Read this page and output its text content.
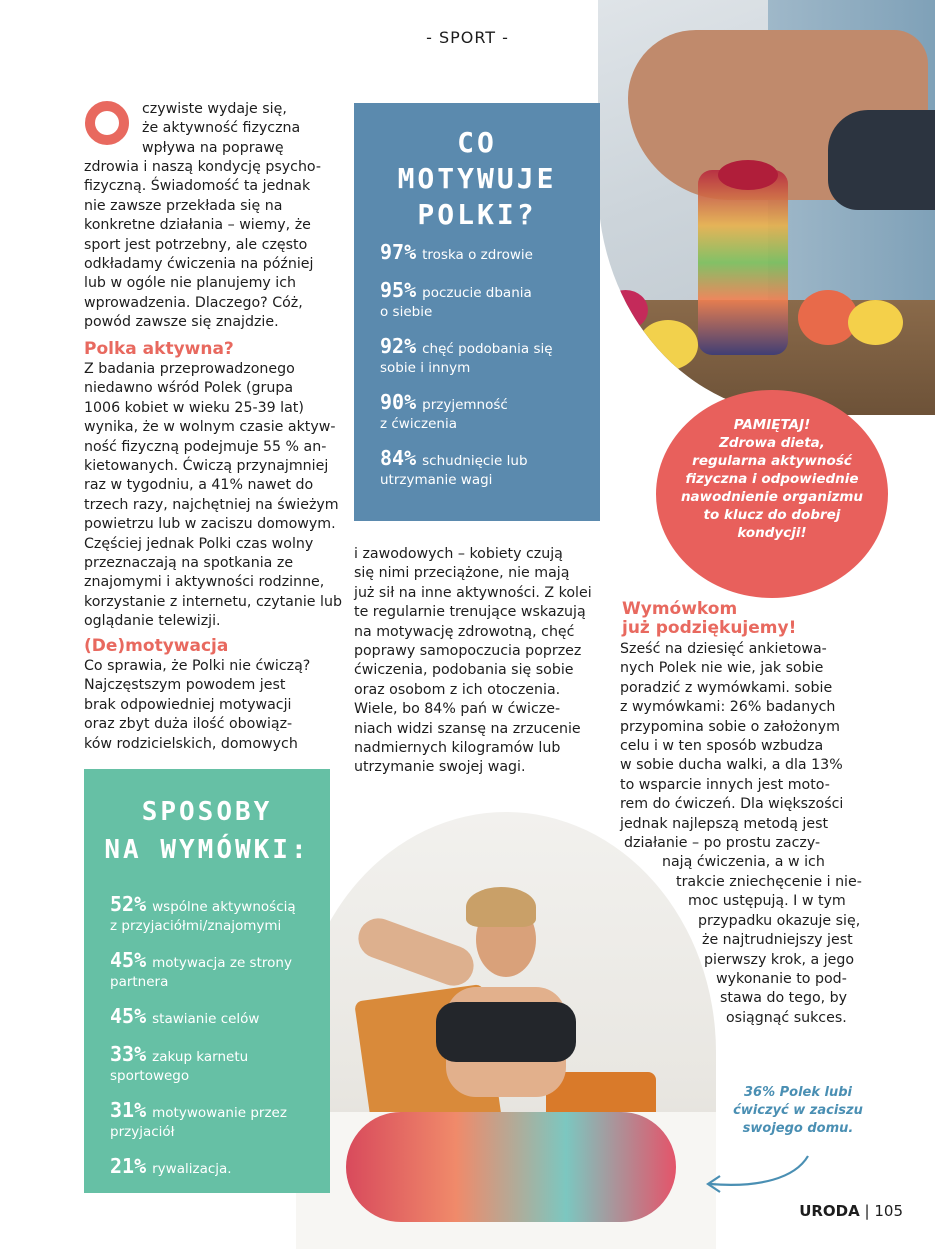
- SPORT -
czywiste wydaje się,
że aktywność fizyczna
wpływa na poprawę
zdrowia i naszą kondycję psycho-
fizyczną. Świadomość ta jednak
nie zawsze przekłada się na
konkretne działania – wiemy, że
sport jest potrzebny, ale często
odkładamy ćwiczenia na później
lub w ogóle nie planujemy ich
wprowadzenia. Dlaczego? Cóż,
powód zawsze się znajdzie.
Polka aktywna?
Z badania przeprowadzonego
niedawno wśród Polek (grupa
1006 kobiet w wieku 25-39 lat)
wynika, że w wolnym czasie aktyw-
ność fizyczną podejmuje 55 % an-
kietowanych. Ćwiczą przynajmniej
raz w tygodniu, a 41% nawet do
trzech razy, najchętniej na świeżym
powietrzu lub w zaciszu domowym.
Częściej jednak Polki czas wolny
przeznaczają na spotkania ze
znajomymi i aktywności rodzinne,
korzystanie z internetu, czytanie lub
oglądanie telewizji.
(De)motywacja
Co sprawia, że Polki nie ćwiczą?
Najczęstszym powodem jest
brak odpowiedniej motywacji
oraz zbyt duża ilość obowiąz-
ków rodzicielskich, domowych
CO
MOTYWUJE
POLKI?
97% troska o zdrowie
95% poczucie dbania
o siebie
92% chęć podobania się
sobie i innym
90% przyjemność
z ćwiczenia
84% schudnięcie lub
utrzymanie wagi
i zawodowych – kobiety czują
się nimi przeciążone, nie mają
już sił na inne aktywności. Z kolei
te regularnie trenujące wskazują
na motywację zdrowotną, chęć
poprawy samopoczucia poprzez
ćwiczenia, podobania się sobie
oraz osobom z ich otoczenia.
Wiele, bo 84% pań w ćwicze-
niach widzi szansę na zrzucenie
nadmiernych kilogramów lub
utrzymanie swojej wagi.
PAMIĘTAJ!
Zdrowa dieta,
regularna aktywność
fizyczna i odpowiednie
nawodnienie organizmu
to klucz do dobrej
kondycji!
Wymówkom
już podziękujemy!
Sześć na dziesięć ankietowa-
nych Polek nie wie, jak sobie
poradzić z wymówkami. sobie
z wymówkami: 26% badanych
przypomina sobie o założonym
celu i w ten sposób wzbudza
w sobie ducha walki, a dla 13%
to wsparcie innych jest moto-
rem do ćwiczeń. Dla większości
jednak najlepszą metodą jest
działanie – po prostu zaczy-
nają ćwiczenia, a w ich
trakcie zniechęcenie i nie-
moc ustępują. I w tym
przypadku okazuje się,
że najtrudniejszy jest
pierwszy krok, a jego
wykonanie to pod-
stawa do tego, by
osiągnąć sukces.
SPOSOBY
NA WYMÓWKI:
52% wspólne aktywnością
z przyjaciółmi/znajomymi
45% motywacja ze strony
partnera
45% stawianie celów
33% zakup karnetu
sportowego
31% motywowanie przez
przyjaciół
21% rywalizacja.
36% Polek lubi
ćwiczyć w zaciszu
swojego domu.
URODA | 105
